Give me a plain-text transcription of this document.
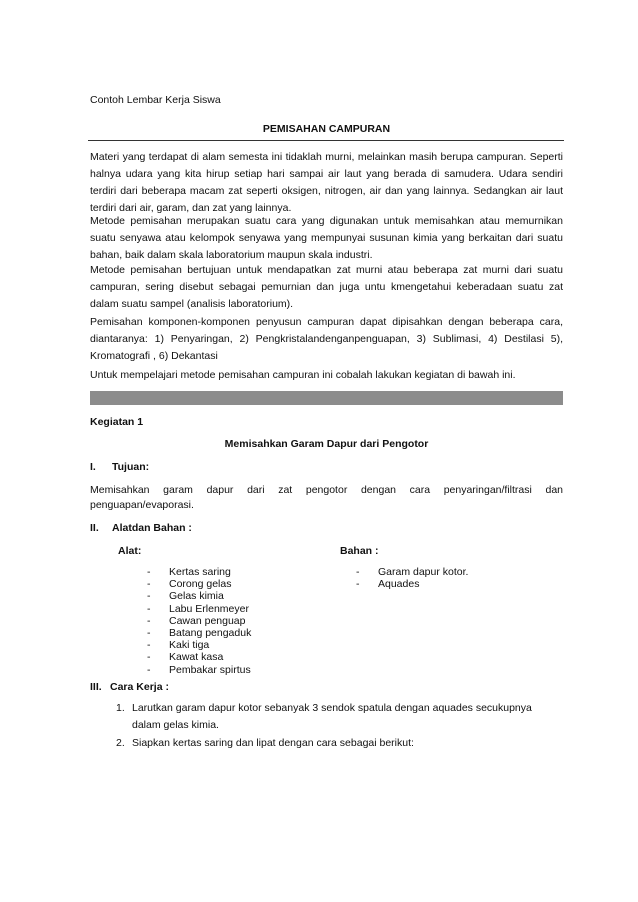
Contoh Lembar Kerja Siswa
PEMISAHAN CAMPURAN
Materi yang terdapat di alam semesta ini tidaklah murni, melainkan masih berupa campuran. Seperti halnya udara yang kita hirup setiap hari sampai air laut yang berada di samudera. Udara sendiri terdiri dari beberapa macam zat seperti oksigen, nitrogen, air dan yang lainnya. Sedangkan air laut terdiri dari air, garam, dan zat yang lainnya.
Metode pemisahan merupakan suatu cara yang digunakan untuk memisahkan atau memurnikan suatu senyawa atau kelompok senyawa yang mempunyai susunan kimia yang berkaitan dari suatu bahan, baik dalam skala laboratorium maupun skala industri.
Metode pemisahan bertujuan untuk mendapatkan zat murni atau beberapa zat murni dari suatu campuran, sering disebut sebagai pemurnian dan juga untu kmengetahui keberadaan suatu zat dalam suatu sampel (analisis laboratorium).
Pemisahan komponen-komponen penyusun campuran dapat dipisahkan dengan beberapa cara, diantaranya: 1) Penyaringan, 2) Pengkristalandenganpenguapan, 3) Sublimasi, 4) Destilasi 5), Kromatografi , 6) Dekantasi
Untuk mempelajari metode pemisahan campuran ini cobalah lakukan kegiatan di bawah ini.
Kegiatan 1
Memisahkan Garam Dapur dari Pengotor
I. Tujuan:
Memisahkan garam dapur dari zat pengotor dengan cara penyaringan/filtrasi dan
penguapan/evaporasi.
II. Alatdan Bahan :
Alat:	Bahan :
- Kertas saring
- Corong gelas
- Gelas kimia
- Labu Erlenmeyer
- Cawan penguap
- Batang pengaduk
- Kaki tiga
- Kawat kasa
- Pembakar spirtus
- Garam dapur kotor.
- Aquades
III. Cara Kerja :
1. Larutkan garam dapur kotor sebanyak 3 sendok spatula dengan aquades secukupnya
dalam gelas kimia.
2. Siapkan kertas saring dan lipat dengan cara sebagai berikut:
